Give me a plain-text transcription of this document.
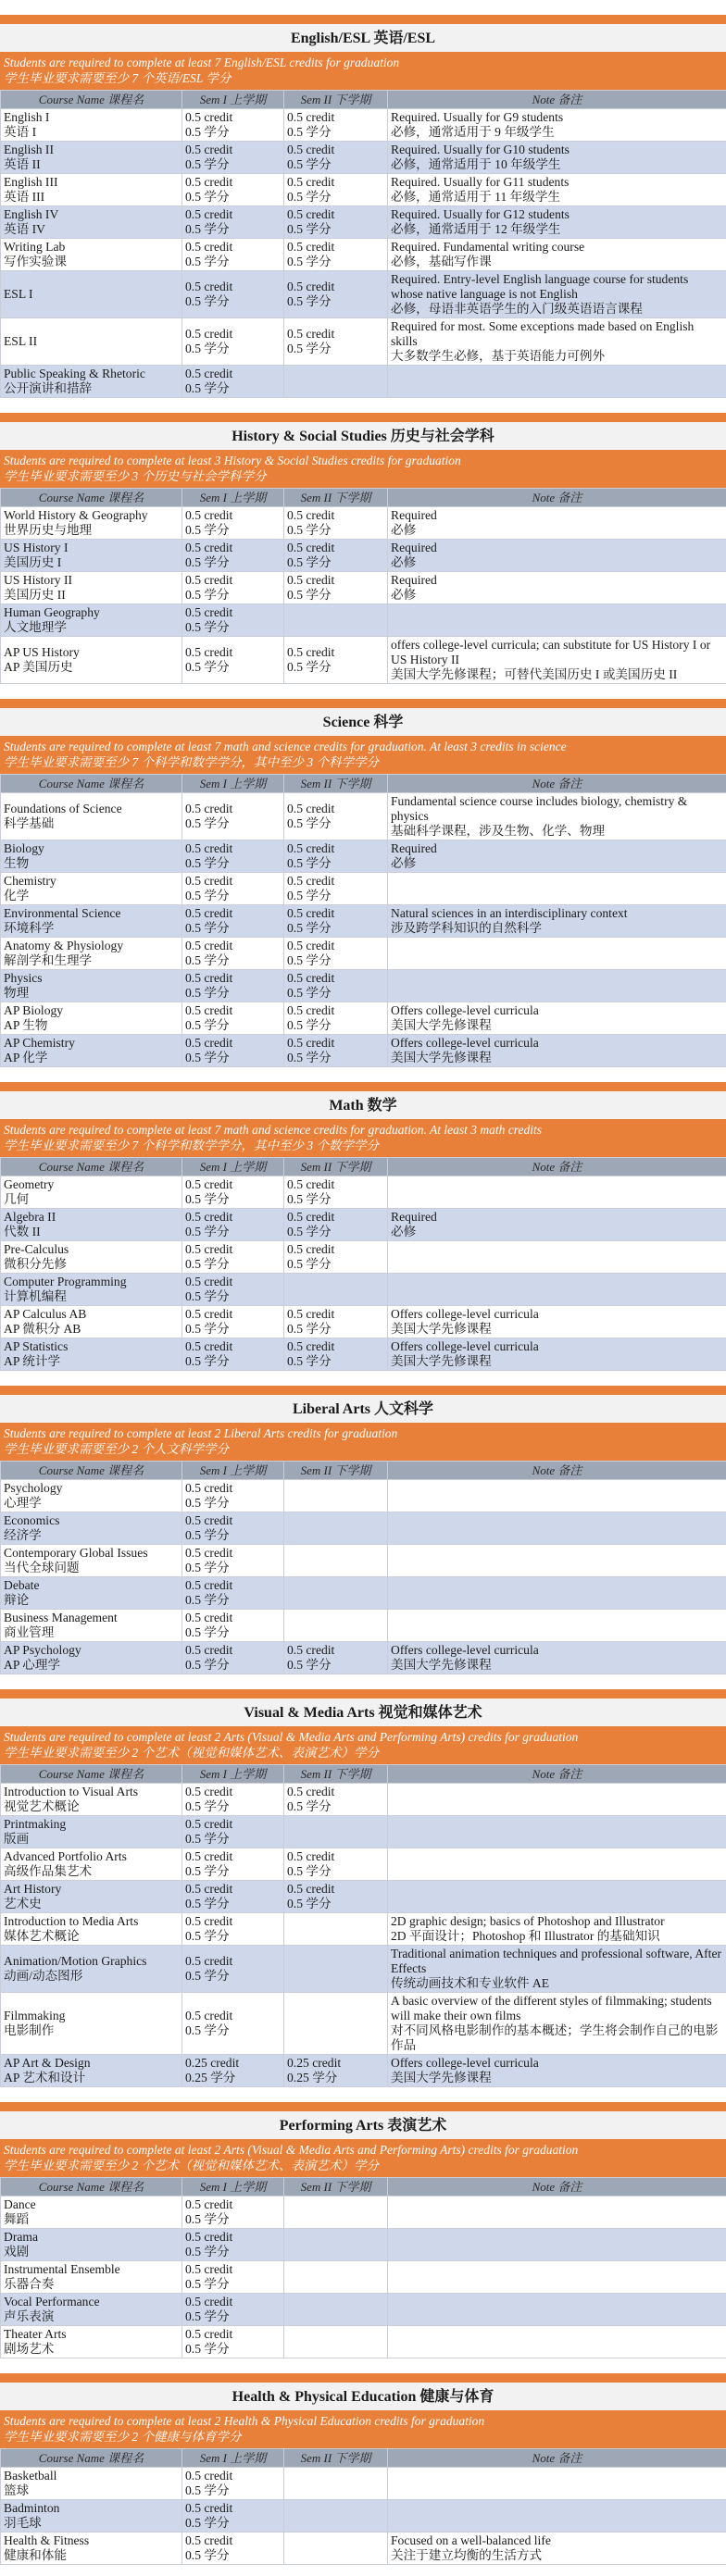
English/ESL 英语/ESL
Students are required to complete at least 7 English/ESL credits for graduation
学生毕业要求需要至少 7 个英语/ESL 学分
Course Name 课程名	Sem I 上学期	Sem II 下学期	Note 备注

English I
英语 I	0.5 credit
0.5 学分	0.5 credit
0.5 学分	Required. Usually for G9 students
必修，通常适用于 9 年级学生

English II
英语 II	0.5 credit
0.5 学分	0.5 credit
0.5 学分	Required. Usually for G10 students
必修，通常适用于 10 年级学生

English III
英语 III	0.5 credit
0.5 学分	0.5 credit
0.5 学分	Required. Usually for G11 students
必修，通常适用于 11 年级学生

English IV
英语 IV	0.5 credit
0.5 学分	0.5 credit
0.5 学分	Required. Usually for G12 students
必修，通常适用于 12 年级学生

Writing Lab
写作实验课	0.5 credit
0.5 学分	0.5 credit
0.5 学分	Required. Fundamental writing course
必修，基础写作课

ESL I	0.5 credit
0.5 学分	0.5 credit
0.5 学分	Required. Entry-level English language course for students whose native language is not English
必修，母语非英语学生的入门级英语语言课程

ESL II	0.5 credit
0.5 学分	0.5 credit
0.5 学分	Required for most. Some exceptions made based on English skills
大多数学生必修，基于英语能力可例外

Public Speaking & Rhetoric
公开演讲和措辞	0.5 credit
0.5 学分		

History & Social Studies 历史与社会学科
Students are required to complete at least 3 History & Social Studies credits for graduation
学生毕业要求需要至少 3 个历史与社会学科学分
Course Name 课程名	Sem I 上学期	Sem II 下学期	Note 备注

World History & Geography
世界历史与地理	0.5 credit
0.5 学分	0.5 credit
0.5 学分	Required
必修

US History I
美国历史 I	0.5 credit
0.5 学分	0.5 credit
0.5 学分	Required
必修

US History II
美国历史 II	0.5 credit
0.5 学分	0.5 credit
0.5 学分	Required
必修

Human Geography
人文地理学	0.5 credit
0.5 学分		

AP US History
AP 美国历史	0.5 credit
0.5 学分	0.5 credit
0.5 学分	offers college-level curricula; can substitute for US History I or US History II
美国大学先修课程；可替代美国历史 I 或美国历史 II
Science 科学
Students are required to complete at least 7 math and science credits for graduation. At least 3 credits in science
学生毕业要求需要至少 7 个科学和数学学分，其中至少 3 个科学学分
Course Name 课程名	Sem I 上学期	Sem II 下学期	Note 备注

Foundations of Science
科学基础	0.5 credit
0.5 学分	0.5 credit
0.5 学分	Fundamental science course includes biology, chemistry & physics
基础科学课程，涉及生物、化学、物理

Biology
生物	0.5 credit
0.5 学分	0.5 credit
0.5 学分	Required
必修

Chemistry
化学	0.5 credit
0.5 学分	0.5 credit
0.5 学分	

Environmental Science
环境科学	0.5 credit
0.5 学分	0.5 credit
0.5 学分	Natural sciences in an interdisciplinary context
涉及跨学科知识的自然科学

Anatomy & Physiology
解剖学和生理学	0.5 credit
0.5 学分	0.5 credit
0.5 学分	

Physics
物理	0.5 credit
0.5 学分	0.5 credit
0.5 学分	

AP Biology
AP 生物	0.5 credit
0.5 学分	0.5 credit
0.5 学分	Offers college-level curricula
美国大学先修课程

AP Chemistry
AP 化学	0.5 credit
0.5 学分	0.5 credit
0.5 学分	Offers college-level curricula
美国大学先修课程
Math 数学
Students are required to complete at least 7 math and science credits for graduation. At least 3 math credits
学生毕业要求需要至少 7 个科学和数学学分，其中至少 3 个数学学分
Course Name 课程名	Sem I 上学期	Sem II 下学期	Note 备注

Geometry
几何	0.5 credit
0.5 学分	0.5 credit
0.5 学分	

Algebra II
代数 II	0.5 credit
0.5 学分	0.5 credit
0.5 学分	Required
必修

Pre-Calculus
微积分先修	0.5 credit
0.5 学分	0.5 credit
0.5 学分	

Computer Programming
计算机编程	0.5 credit
0.5 学分		

AP Calculus AB
AP 微积分 AB	0.5 credit
0.5 学分	0.5 credit
0.5 学分	Offers college-level curricula
美国大学先修课程

AP Statistics
AP 统计学	0.5 credit
0.5 学分	0.5 credit
0.5 学分	Offers college-level curricula
美国大学先修课程
Liberal Arts 人文科学
Students are required to complete at least 2 Liberal Arts credits for graduation
学生毕业要求需要至少 2 个人文科学学分
Course Name 课程名	Sem I 上学期	Sem II 下学期	Note 备注

Psychology
心理学	0.5 credit
0.5 学分		

Economics
经济学	0.5 credit
0.5 学分		

Contemporary Global Issues
当代全球问题	0.5 credit
0.5 学分		

Debate
辩论	0.5 credit
0.5 学分		

Business Management
商业管理	0.5 credit
0.5 学分		

AP Psychology
AP 心理学	0.5 credit
0.5 学分	0.5 credit
0.5 学分	Offers college-level curricula
美国大学先修课程
Visual & Media Arts 视觉和媒体艺术
Students are required to complete at least 2 Arts (Visual & Media Arts and Performing Arts) credits for graduation
学生毕业要求需要至少 2 个艺术（视觉和媒体艺术、表演艺术）学分
Course Name 课程名	Sem I 上学期	Sem II 下学期	Note 备注

Introduction to Visual Arts
视觉艺术概论	0.5 credit
0.5 学分	0.5 credit
0.5 学分	

Printmaking
版画	0.5 credit
0.5 学分		

Advanced Portfolio Arts
高级作品集艺术	0.5 credit
0.5 学分	0.5 credit
0.5 学分	

Art History
艺术史	0.5 credit
0.5 学分	0.5 credit
0.5 学分	

Introduction to Media Arts
媒体艺术概论	0.5 credit
0.5 学分		2D graphic design; basics of Photoshop and Illustrator
2D 平面设计；Photoshop 和 Illustrator 的基础知识

Animation/Motion Graphics
动画/动态图形	0.5 credit
0.5 学分		Traditional animation techniques and professional software, After Effects
传统动画技术和专业软件 AE

Filmmaking
电影制作	0.5 credit
0.5 学分		A basic overview of the different styles of filmmaking; students will make their own films
对不同风格电影制作的基本概述；学生将会制作自己的电影作品

AP Art & Design
AP 艺术和设计	0.25 credit
0.25 学分	0.25 credit
0.25 学分	Offers college-level curricula
美国大学先修课程
Performing Arts 表演艺术
Students are required to complete at least 2 Arts (Visual & Media Arts and Performing Arts) credits for graduation
学生毕业要求需要至少 2 个艺术（视觉和媒体艺术、表演艺术）学分
Course Name 课程名	Sem I 上学期	Sem II 下学期	Note 备注

Dance
舞蹈	0.5 credit
0.5 学分		

Drama
戏剧	0.5 credit
0.5 学分		

Instrumental Ensemble
乐器合奏	0.5 credit
0.5 学分		

Vocal Performance
声乐表演	0.5 credit
0.5 学分		

Theater Arts
剧场艺术	0.5 credit
0.5 学分		

Health & Physical Education 健康与体育
Students are required to complete at least 2 Health & Physical Education credits for graduation
学生毕业要求需要至少 2 个健康与体育学分
Course Name 课程名	Sem I 上学期	Sem II 下学期	Note 备注

Basketball
篮球	0.5 credit
0.5 学分		

Badminton
羽毛球	0.5 credit
0.5 学分		

Health & Fitness
健康和体能	0.5 credit
0.5 学分		Focused on a well-balanced life
关注于建立均衡的生活方式
